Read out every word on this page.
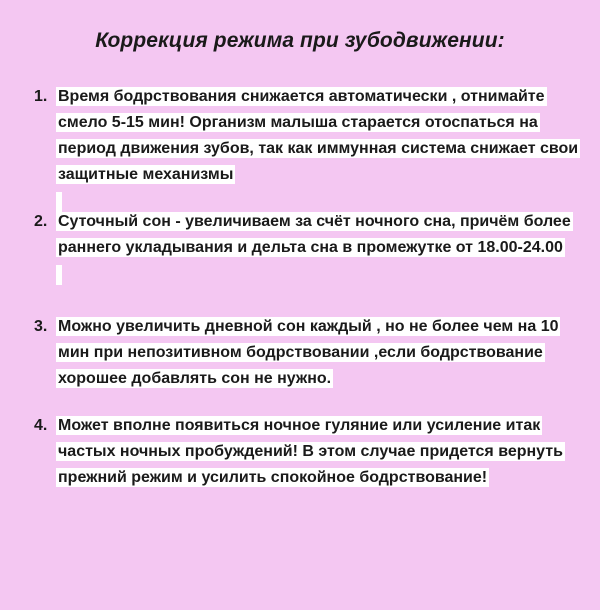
Коррекция режима при зубодвижении:
1. Время бодрствования снижается автоматически , отнимайте смело 5-15 мин! Организм малыша старается отоспаться на период движения зубов, так как иммунная система снижает свои защитные механизмы
2. Суточный сон - увеличиваем за счёт ночного сна, причём более раннего укладывания и дельта сна в промежутке от 18.00-24.00
3. Можно увеличить дневной сон каждый , но не более чем на 10 мин при непозитивном бодрствовании ,если бодрствование хорошее добавлять сон не нужно.
4. Может вполне появиться ночное гуляние или усиление итак частых ночных пробуждений! В этом случае придется вернуть прежний режим и усилить спокойное бодрствование!
